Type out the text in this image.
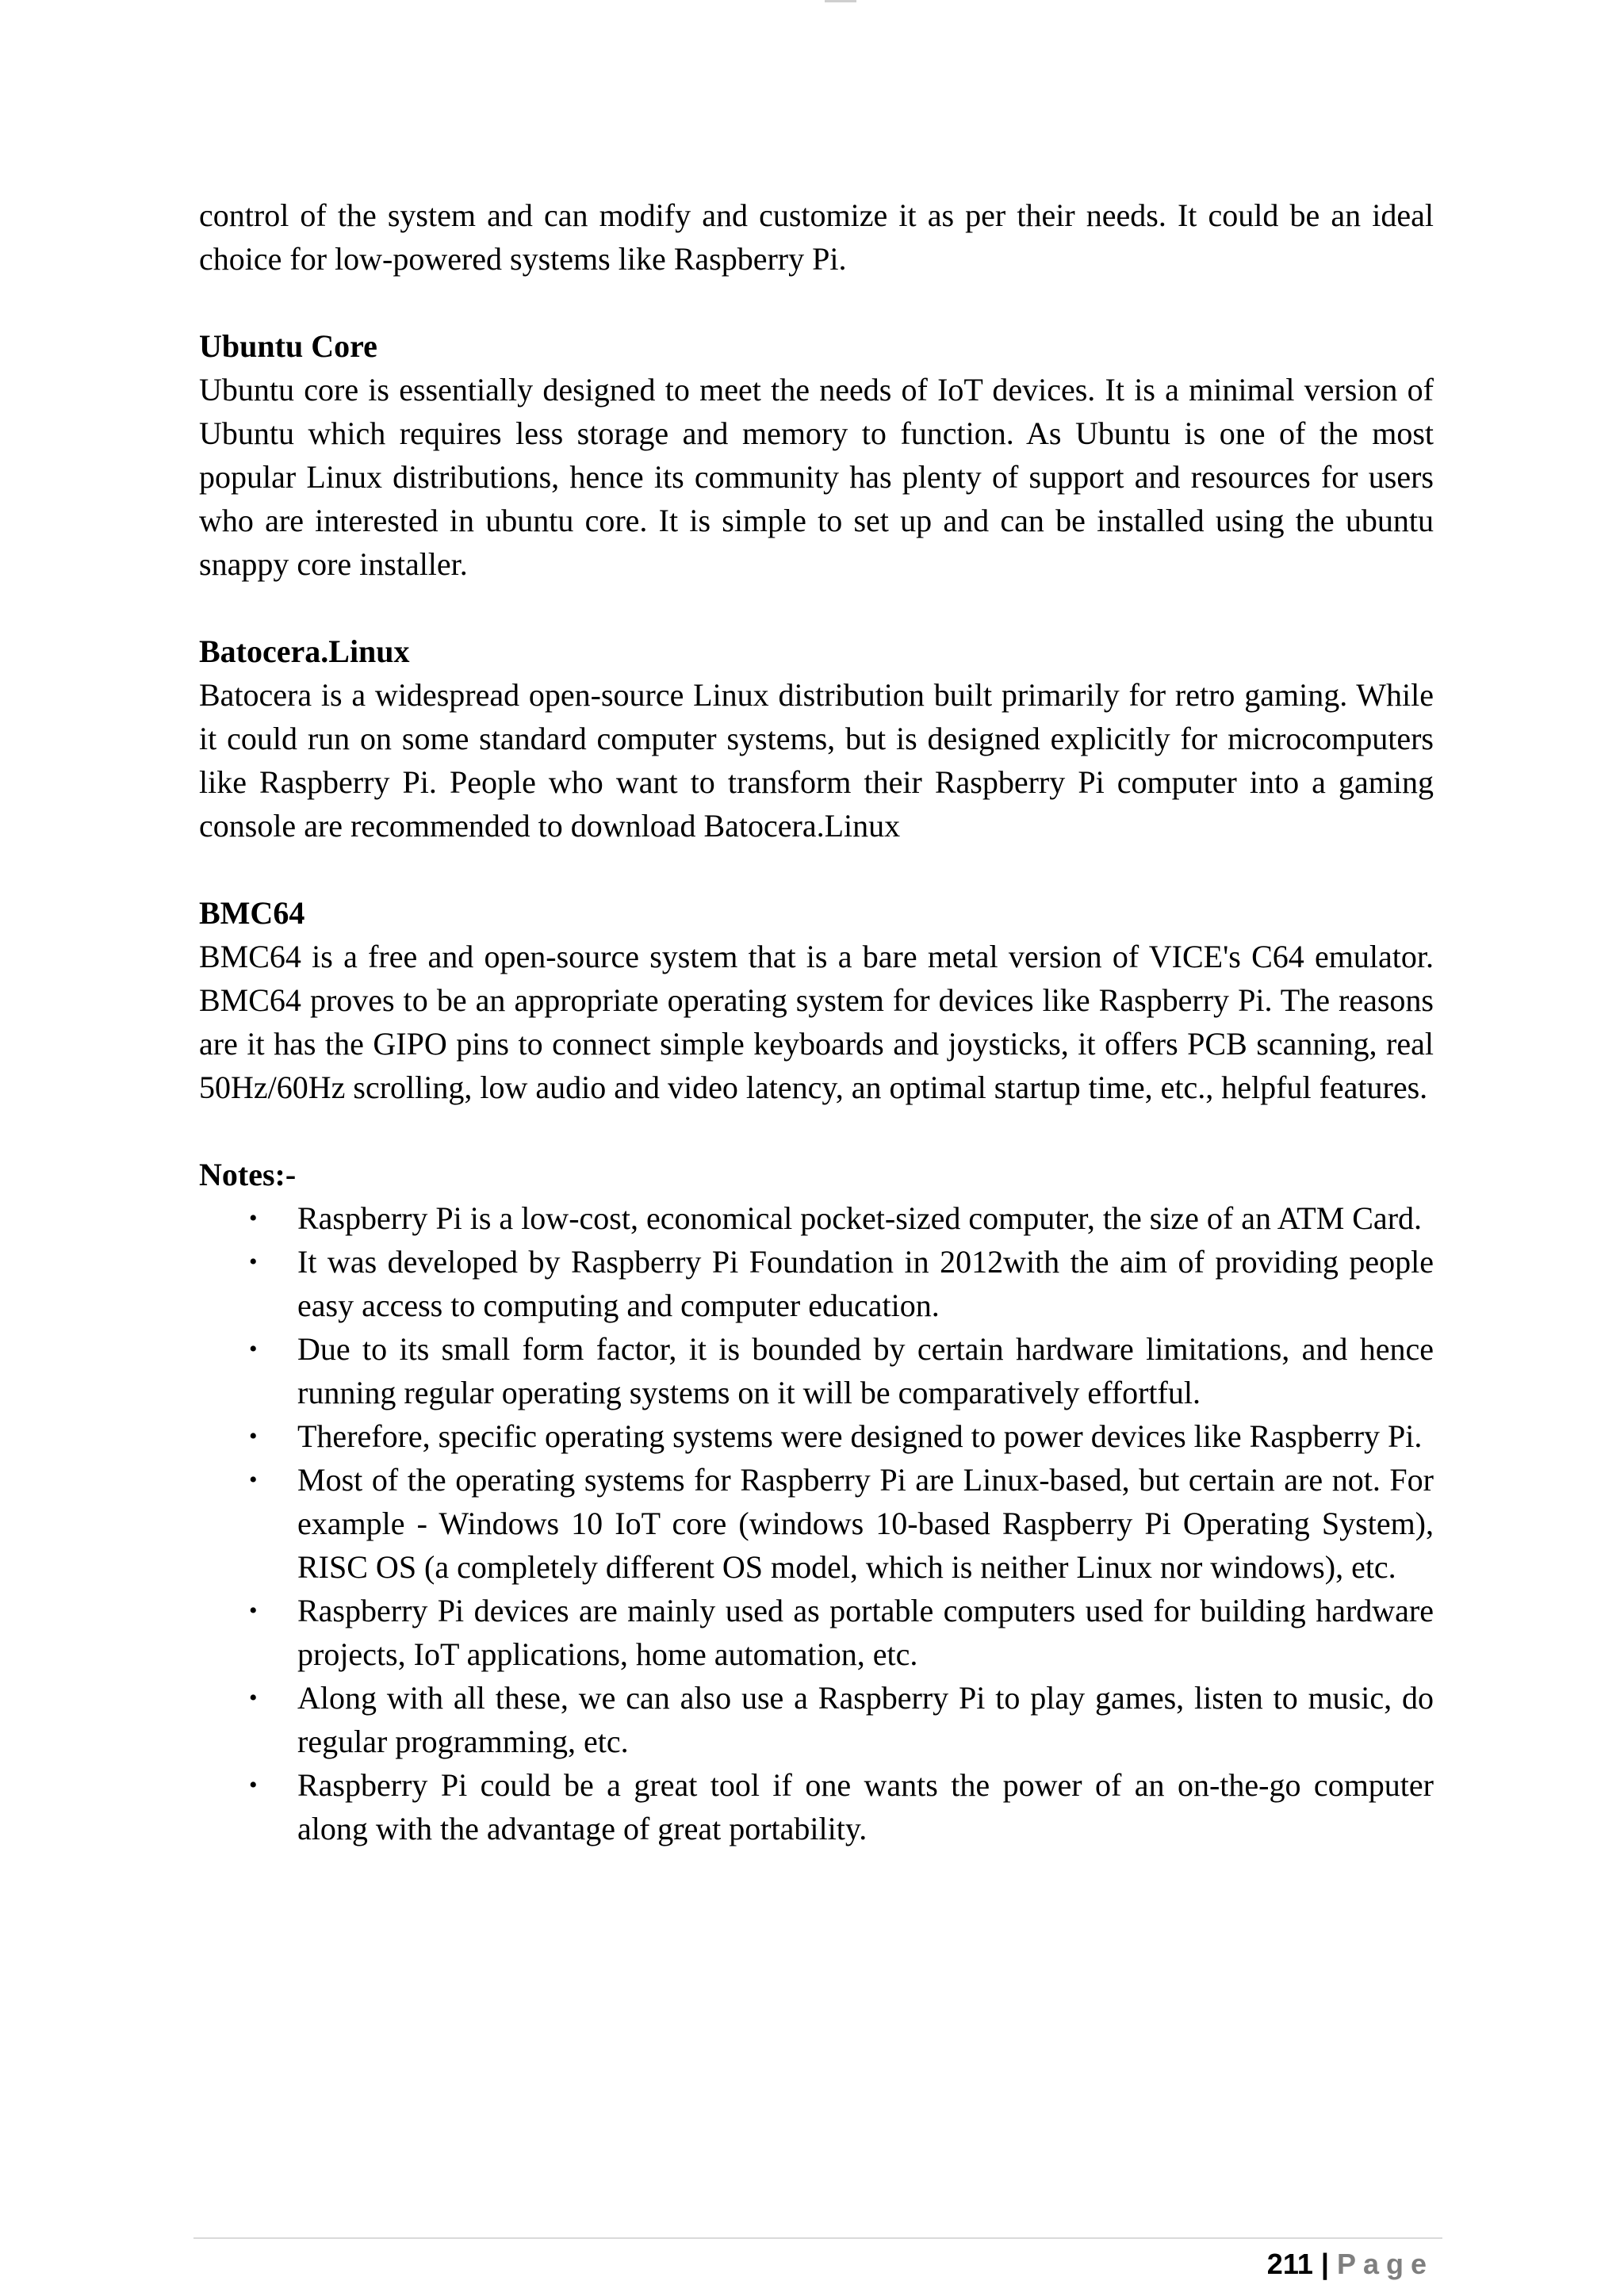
control of the system and can modify and customize it as per their needs. It could be an ideal choice for low-powered systems like Raspberry Pi.

Ubuntu Core

Ubuntu core is essentially designed to meet the needs of IoT devices. It is a minimal version of Ubuntu which requires less storage and memory to function. As Ubuntu is one of the most popular Linux distributions, hence its community has plenty of support and resources for users who are interested in ubuntu core. It is simple to set up and can be installed using the ubuntu snappy core installer.

Batocera.Linux

Batocera is a widespread open-source Linux distribution built primarily for retro gaming. While it could run on some standard computer systems, but is designed explicitly for microcomputers like Raspberry Pi. People who want to transform their Raspberry Pi computer into a gaming console are recommended to download Batocera.Linux

BMC64

BMC64 is a free and open-source system that is a bare metal version of VICE's C64 emulator. BMC64 proves to be an appropriate operating system for devices like Raspberry Pi. The reasons are it has the GIPO pins to connect simple keyboards and joysticks, it offers PCB scanning, real 50Hz/60Hz scrolling, low audio and video latency, an optimal startup time, etc., helpful features.

Notes:-
• Raspberry Pi is a low-cost, economical pocket-sized computer, the size of an ATM Card.
• It was developed by Raspberry Pi Foundation in 2012with the aim of providing people easy access to computing and computer education.
• Due to its small form factor, it is bounded by certain hardware limitations, and hence running regular operating systems on it will be comparatively effortful.
• Therefore, specific operating systems were designed to power devices like Raspberry Pi.
• Most of the operating systems for Raspberry Pi are Linux-based, but certain are not. For example - Windows 10 IoT core (windows 10-based Raspberry Pi Operating System), RISC OS (a completely different OS model, which is neither Linux nor windows), etc.
• Raspberry Pi devices are mainly used as portable computers used for building hardware projects, IoT applications, home automation, etc.
• Along with all these, we can also use a Raspberry Pi to play games, listen to music, do regular programming, etc.
• Raspberry Pi could be a great tool if one wants the power of an on-the-go computer along with the advantage of great portability.
211 | Page
